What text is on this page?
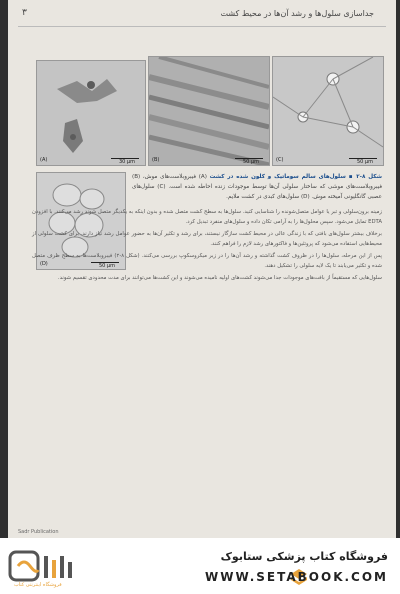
۳	جداسازی سلول‌ها و رشد آن‌ها در محیط کشت
(A)	30 μm	(B)	50 μm	(C)	50 μm
(D)	50 μm
شکل ۸-۲ ▪ سلول‌های سالم سوماتیک و کلون شده در کشت (A) فیبروبلاست‌های موش، (B) فیبروبلاست‌های موشی که ساختار سلولی آن‌ها توسط موجودات زنده احاطه شده است. (C) سلول‌های عصبی گانگلیونی آمیخته موش. (D) سلول‌های کبدی در کشت ملایم.

زمینه برون‌سلولی و تبر یا عوامل متصل‌شونده را شناسایی کنید. سلول‌ها به سطح کشت متصل شده و بدون اینکه به یکدیگر متصل شوند رشد می‌کنند. با افزودن EDTA تمایل می‌شود. سپس محلول‌ها را به آرامی تکان داده و سلول‌های منفرد تبدیل کرد.

برخلاف بیشتر سلول‌های بافتی که با زندگی عالی در محیط کشت سازگار نیستند، برای رشد و تکثیر آن‌ها به حضور عوامل رشد نیاز دارند. برای کشت سلولی از محیط‌هایی استفاده می‌شود که پروتئین‌ها و فاکتورهای رشد لازم را فراهم کنند.

پس از این مرحله، سلول‌ها را در ظروف کشت گذاشته و رشد آن‌ها را در زیر میکروسکوپ بررسی می‌کنند. (شکل ۸-۲) فیبروبلاست‌ها به سطح ظرف متصل شده و تکثیر می‌یابند تا یک لایه سلولی را تشکیل دهند.

سلول‌هایی که مستقیماً از بافت‌های موجودات جدا می‌شوند کشت‌های اولیه نامیده می‌شوند و این کشت‌ها می‌توانند برای مدت محدودی تقسیم شوند.

Sadr Publication
فروشگاه اینترنتی کتاب
فروشگاه کتاب پزشکی ستابوک
WWW.SETABOOK.COM
